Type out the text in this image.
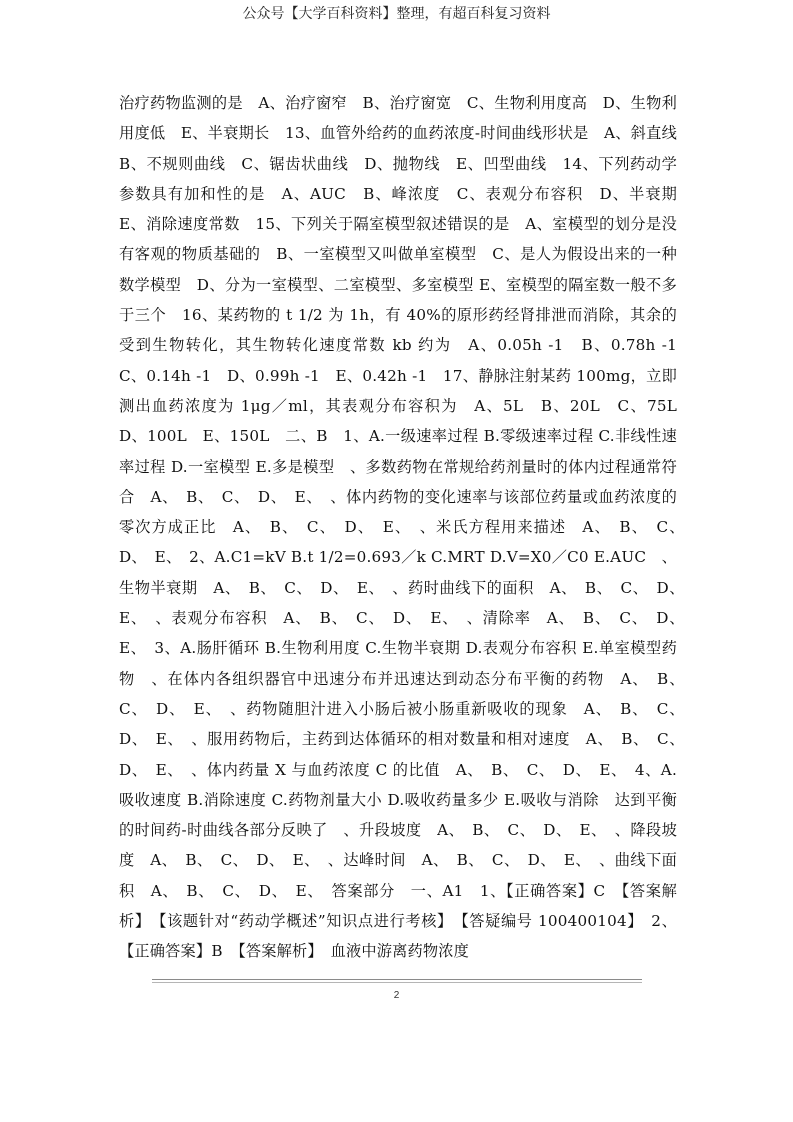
公众号【大学百科资料】整理，有超百科复习资料
治疗药物监测的是　A、治疗窗窄　B、治疗窗宽　C、生物利用度高　D、生物利用度低　E、半衰期长　13、血管外给药的血药浓度-时间曲线形状是　A、斜直线　B、不规则曲线　C、锯齿状曲线　D、抛物线　E、凹型曲线　14、下列药动学参数具有加和性的是　A、AUC　B、峰浓度　C、表观分布容积　D、半衰期　E、消除速度常数　15、下列关于隔室模型叙述错误的是　A、室模型的划分是没有客观的物质基础的　B、一室模型又叫做单室模型　C、是人为假设出来的一种数学模型　D、分为一室模型、二室模型、多室模型 E、室模型的隔室数一般不多于三个　16、某药物的 t 1/2 为 1h，有 40%的原形药经肾排泄而消除，其余的受到生物转化，其生物转化速度常数 kb 约为　A、0.05h -1　B、0.78h -1　C、0.14h -1　D、0.99h -1　E、0.42h -1　17、静脉注射某药 100mg，立即测出血药浓度为 1μg／ml，其表观分布容积为　A、5L　B、20L　C、75L　D、100L　E、150L　二、B　1、A.一级速率过程 B.零级速率过程 C.非线性速率过程 D.一室模型 E.多是模型　、多数药物在常规给药剂量时的体内过程通常符合　A、　B、　C、　D、　E、　、体内药物的变化速率与该部位药量或血药浓度的零次方成正比　A、　B、　C、　D、　E、　、米氏方程用来描述　A、　B、　C、　D、　E、　2、A.C1=kV B.t 1/2=0.693／k C.MRT D.V=X0／C0 E.AUC　、生物半衰期　A、　B、　C、　D、　E、　、药时曲线下的面积　A、　B、　C、　D、　E、　、表观分布容积　A、　B、　C、　D、　E、　、清除率　A、　B、　C、　D、　E、　3、A.肠肝循环 B.生物利用度 C.生物半衰期 D.表观分布容积 E.单室模型药物　、在体内各组织器官中迅速分布并迅速达到动态分布平衡的药物　A、　B、　C、　D、　E、　、药物随胆汁进入小肠后被小肠重新吸收的现象　A、　B、　C、　D、　E、　、服用药物后，主药到达体循环的相对数量和相对速度　A、　B、　C、　D、　E、　、体内药量 X 与血药浓度 C 的比值　A、　B、　C、　D、　E、　4、A.吸收速度 B.消除速度 C.药物剂量大小 D.吸收药量多少 E.吸收与消除　达到平衡的时间药-时曲线各部分反映了　、升段坡度　A、　B、　C、　D、　E、　、降段坡度　A、　B、　C、　D、　E、　、达峰时间　A、　B、　C、　D、　E、　、曲线下面积　A、　B、　C、　D、　E、　答案部分　一、A1　1、【正确答案】C　【答案解析】　【该题针对“药动学概述”知识点进行考核】　【答疑编号 100400104】　2、【正确答案】B　【答案解析】　血液中游离药物浓度
2
